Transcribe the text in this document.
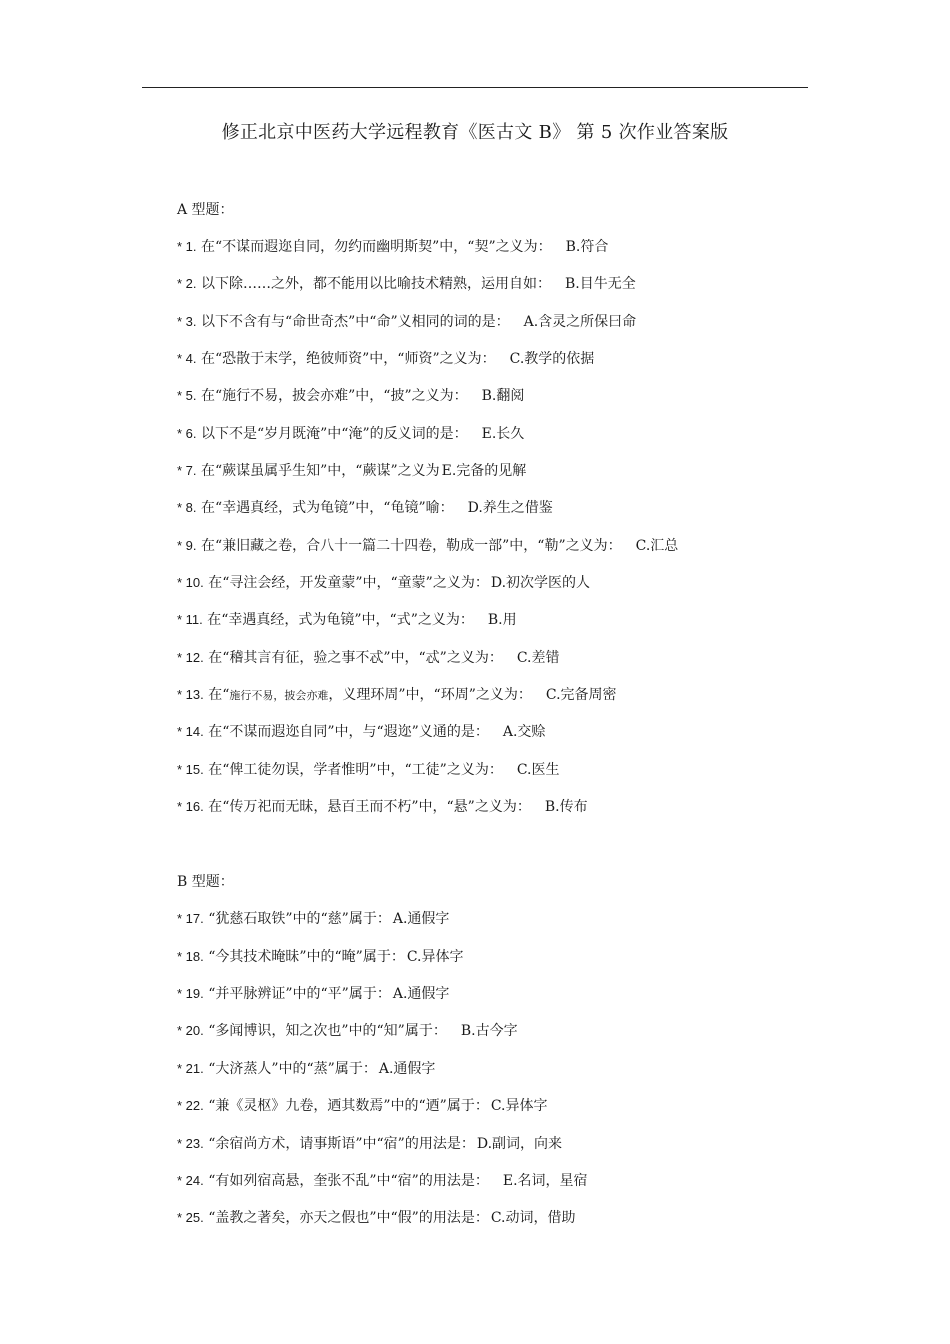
修正北京中医药大学远程教育《医古文 B》 第 5 次作业答案版
A 型题：
* 1. 在“不谋而遐迩自同，勿约而幽明斯契”中，“契”之义为： B.符合
* 2. 以下除……之外，都不能用以比喻技术精熟，运用自如： B.目牛无全
* 3. 以下不含有与“命世奇杰”中“命”义相同的词的是： A.含灵之所保曰命
* 4. 在“恐散于末学，绝彼师资”中，“师资”之义为： C.教学的依据
* 5. 在“施行不易，披会亦难”中，“披”之义为： B.翻阅
* 6. 以下不是“岁月既淹”中“淹”的反义词的是： E.长久
* 7. 在“蕨谋虽属乎生知”中，“蕨谋”之义为 E.完备的见解
* 8. 在“幸遇真经，式为龟镜”中，“龟镜”喻： D.养生之借鉴
* 9. 在“兼旧藏之卷，合八十一篇二十四卷，勒成一部”中，“勒”之义为： C.汇总
* 10. 在“寻注会经，开发童蒙”中，“童蒙”之义为： D.初次学医的人
* 11. 在“幸遇真经，式为龟镜”中，“式”之义为： B.用
* 12. 在“稽其言有征，验之事不忒”中，“忒”之义为： C.差错
* 13. 在“施行不易，披会亦难，义理环周”中，“环周”之义为： C.完备周密
* 14. 在“不谋而遐迩自同”中，与“遐迩”义通的是： A.交赊
* 15. 在“俾工徒勿误，学者惟明”中，“工徒”之义为： C.医生
* 16. 在“传万祀而无昧，悬百王而不朽”中，“悬”之义为： B.传布
B 型题：
* 17. “犹慈石取铁”中的“慈”属于： A.通假字
* 18. “今其技术晻昧”中的“晻”属于： C.异体字
* 19. “并平脉辨证”中的“平”属于： A.通假字
* 20. “多闻博识，知之次也”中的“知”属于： B.古今字
* 21. “大济蒸人”中的“蒸”属于： A.通假字
* 22. “兼《灵枢》九卷，迺其数焉”中的“迺”属于： C.异体字
* 23. “余宿尚方术，请事斯语”中“宿”的用法是： D.副词，向来
* 24. “有如列宿高悬，奎张不乱”中“宿”的用法是： E.名词，星宿
* 25. “盖教之著矣，亦天之假也”中“假”的用法是： C.动词，借助
